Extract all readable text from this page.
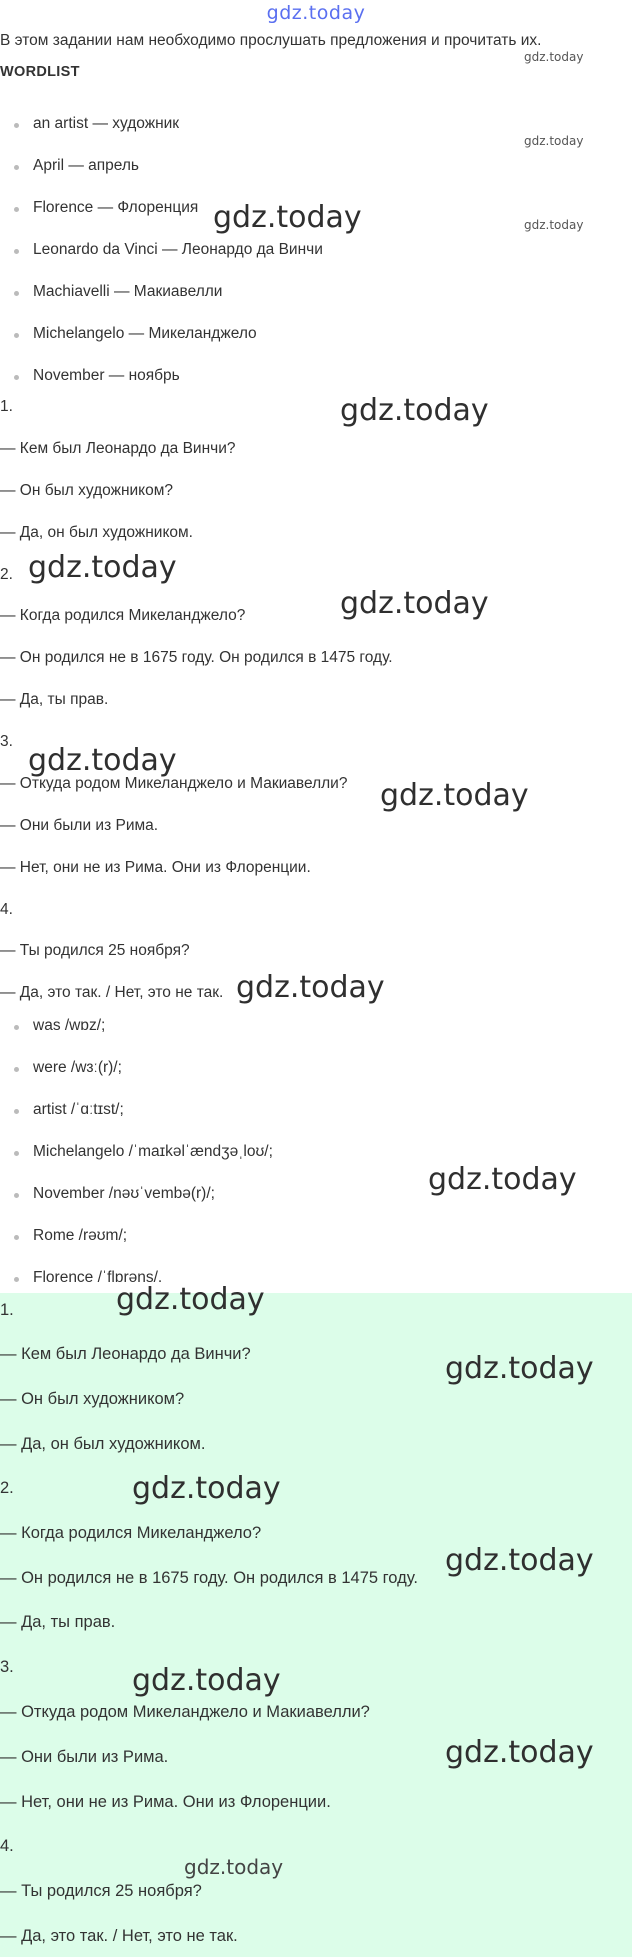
gdz.today
В этом задании нам необходимо прослушать предложения и прочитать их.
WORDLIST
gdz.today
gdz.today
gdz.today
an artist — художник
April — апрель
Florence — Флоренция
Leonardo da Vinci — Леонардо да Винчи
Machiavelli — Макиавелли
Michelangelo — Микеланджело
November — ноябрь
gdz.today
1.	gdz.today
— Кем был Леонардо да Винчи?
— Он был художником?
— Да, он был художником.
2. gdz.today
gdz.today
— Когда родился Микеланджело?
— Он родился не в 1675 году. Он родился в 1475 году.
— Да, ты прав.
3.
gdz.today
— Откуда родом Микеланджело и Макиавелли? gdz.today
— Они были из Рима.
— Нет, они не из Рима. Они из Флоренции.
4.
— Ты родился 25 ноября?
— Да, это так. / Нет, это не так. gdz.today
was /wɒz/;
were /wɜː(r)/;
artist /ˈɑːtɪst/;
Michelangelo /ˈmaɪkəlˈændʒəˌloʊ/;
November /nəʊˈvembə(r)/;
Rome /rəʊm/;
Florence /ˈflɒrəns/.
gdz.today
1.	gdz.today
— Кем был Леонардо да Винчи?	gdz.today
— Он был художником?
— Да, он был художником.
2.	gdz.today
— Когда родился Микеланджело?
gdz.today
— Он родился не в 1675 году. Он родился в 1475 году.
— Да, ты прав.
3.	gdz.today
— Откуда родом Микеланджело и Макиавелли?
gdz.today
— Они были из Рима.
— Нет, они не из Рима. Они из Флоренции.
4.
gdz.today
— Ты родился 25 ноября?
— Да, это так. / Нет, это не так.
